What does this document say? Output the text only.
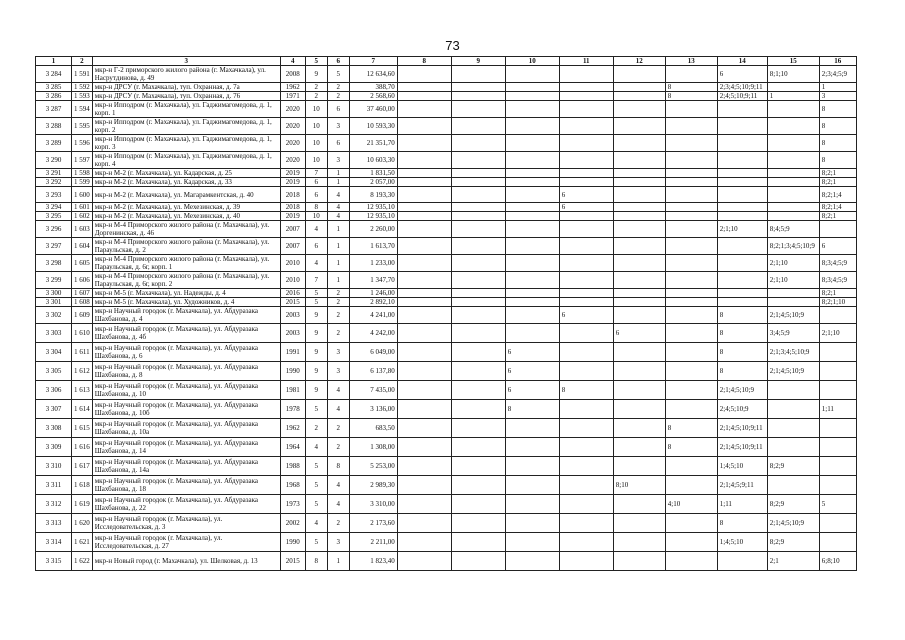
73
1	2	3	4	5	6	7	8	9	10	11	12	13	14	15	16
3 284	1 591	мкр-н Г-2 приморского жилого района (г. Махачкала), ул. Насрутдинова, д. 49	2008	9	5	12 634,60							6	8;1;10	2;3;4;5;9
3 285	1 592	мкр-н ДРСУ (г. Махачкала), туп. Охранная, д. 7а	1962	2	2	388,70						8	2;3;4;5;10;9;11		1
3 286	1 593	мкр-н ДРСУ (г. Махачкала), туп. Охранная, д. 76	1971	2	2	2 568,60						8	2;4;5;10;9;11	1	3
3 287	1 594	мкр-н Ипподром (г. Махачкала), ул. Гаджимагомедова, д. 1, корп. 1	2020	10	6	37 460,00									8
3 288	1 595	мкр-н Ипподром (г. Махачкала), ул. Гаджимагомедова, д. 1, корп. 2	2020	10	3	10 593,30									8
3 289	1 596	мкр-н Ипподром (г. Махачкала), ул. Гаджимагомедова, д. 1, корп. 3	2020	10	6	21 351,70									8
3 290	1 597	мкр-н Ипподром (г. Махачкала), ул. Гаджимагомедова, д. 1, корп. 4	2020	10	3	10 603,30									8
3 291	1 598	мкр-н М-2 (г. Махачкала), ул. Кадарская, д. 25	2019	7	1	1 831,50									8;2;1
3 292	1 599	мкр-н М-2 (г. Махачкала), ул. Кадарская, д. 33	2019	6	1	2 057,00									8;2;1
3 293	1 600	мкр-н М-2 (г. Махачкала), ул. Магарамкентская, д. 40	2018	6	4	8 193,30				6					8;2;1;4
3 294	1 601	мкр-н М-2 (г. Махачкала), ул. Мехезинская, д. 39	2018	8	4	12 935,10				6					8;2;1;4
3 295	1 602	мкр-н М-2 (г. Махачкала), ул. Мехезинская, д. 40	2019	10	4	12 935,10									8;2;1
3 296	1 603	мкр-н М-4 Приморского жилого района (г. Махачкала), ул. Доргенинская, д. 46	2007	4	1	2 260,00							2;1;10	8;4;5;9	
3 297	1 604	мкр-н М-4 Приморского жилого района (г. Махачкала), ул. Параульская, д. 2	2007	6	1	1 613,70								8;2;1;3;4;5;10;9	6
3 298	1 605	мкр-н М-4 Приморского жилого района (г. Махачкала), ул. Параульская, д. 6г, корп. 1	2010	4	1	1 233,00								2;1;10	8;3;4;5;9
3 299	1 606	мкр-н М-4 Приморского жилого района (г. Махачкала), ул. Параульская, д. 6г, корп. 2	2010	7	1	1 347,70								2;1;10	8;3;4;5;9
3 300	1 607	мкр-н М-5 (г. Махачкала), ул. Надежды, д. 4	2016	5	2	1 246,00									8;2;1
3 301	1 608	мкр-н М-5 (г. Махачкала), ул. Художников, д. 4	2015	5	2	2 892,10									8;2;1;10
3 302	1 609	мкр-н Научный городок (г. Махачкала), ул. Абдуразака Шахбанова, д. 4	2003	9	2	4 241,00				6			8	2;1;4;5;10;9	
3 303	1 610	мкр-н Научный городок (г. Махачкала), ул. Абдуразака Шахбанова, д. 4б	2003	9	2	4 242,00					6		8	3;4;5;9	2;1;10
3 304	1 611	мкр-н Научный городок (г. Махачкала), ул. Абдуразака Шахбанова, д. 6	1991	9	3	6 049,00			6				8	2;1;3;4;5;10;9	
3 305	1 612	мкр-н Научный городок (г. Махачкала), ул. Абдуразака Шахбанова, д. 8	1990	9	3	6 137,80			6				8	2;1;4;5;10;9	
3 306	1 613	мкр-н Научный городок (г. Махачкала), ул. Абдуразака Шахбанова, д. 10	1981	9	4	7 435,00			6	8			2;1;4;5;10;9		
3 307	1 614	мкр-н Научный городок (г. Махачкала), ул. Абдуразака Шахбанова, д. 10б	1978	5	4	3 136,00			8				2;4;5;10;9		1;11
3 308	1 615	мкр-н Научный городок (г. Махачкала), ул. Абдуразака Шахбанова, д. 10а	1962	2	2	683,50						8	2;1;4;5;10;9;11		
3 309	1 616	мкр-н Научный городок (г. Махачкала), ул. Абдуразака Шахбанова, д. 14	1964	4	2	1 308,00						8	2;1;4;5;10;9;11		
3 310	1 617	мкр-н Научный городок (г. Махачкала), ул. Абдуразака Шахбанова, д. 14а	1988	5	8	5 253,00							1;4;5;10	8;2;9	
3 311	1 618	мкр-н Научный городок (г. Махачкала), ул. Абдуразака Шахбанова, д. 18	1968	5	4	2 989,30					8;10		2;1;4;5;9;11		
3 312	1 619	мкр-н Научный городок (г. Махачкала), ул. Абдуразака Шахбанова, д. 22	1973	5	4	3 310,00						4;10	1;11	8;2;9	5
3 313	1 620	мкр-н Научный городок (г. Махачкала), ул. Исследовательская, д. 3	2002	4	2	2 173,60							8	2;1;4;5;10;9	
3 314	1 621	мкр-н Научный городок (г. Махачкала), ул. Исследовательская, д. 27	1990	5	3	2 211,00							1;4;5;10	8;2;9	
3 315	1 622	мкр-н Новый город (г. Махачкала), ул. Шелковая, д. 13	2015	8	1	1 823,40								2;1	6;8;10
